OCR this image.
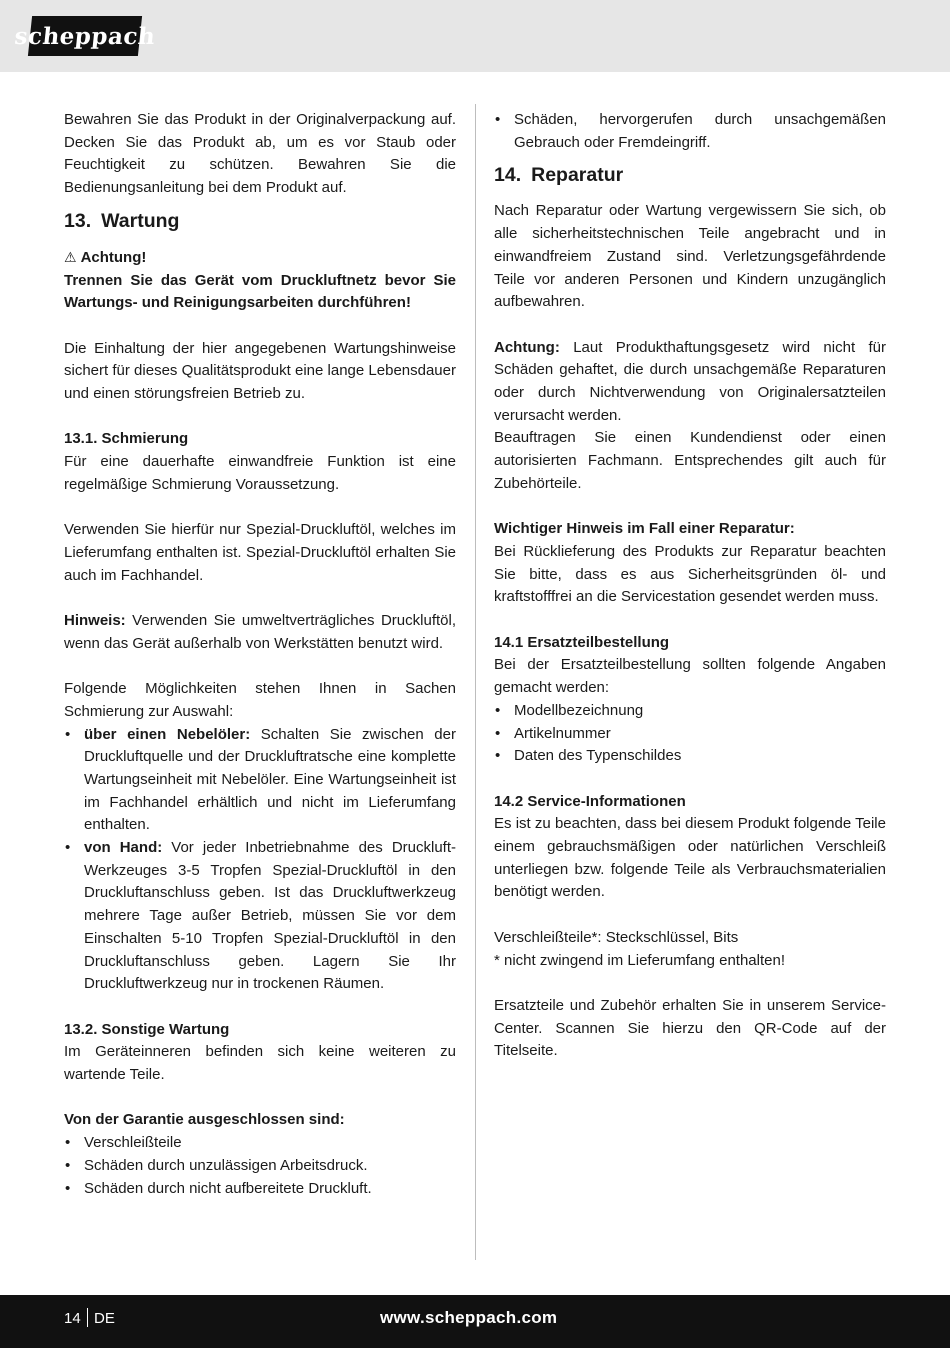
scheppach

Bewahren Sie das Produkt in der Originalverpackung auf. Decken Sie das Produkt ab, um es vor Staub oder Feuchtigkeit zu schützen. Bewahren Sie die Bedienungsanleitung bei dem Produkt auf.

13. Wartung

⚠ Achtung!

Trennen Sie das Gerät vom Druckluftnetz bevor Sie Wartungs- und Reinigungsarbeiten durchführen!

Die Einhaltung der hier angegebenen Wartungshinweise sichert für dieses Qualitätsprodukt eine lange Lebensdauer und einen störungsfreien Betrieb zu.

13.1. Schmierung

Für eine dauerhafte einwandfreie Funktion ist eine regelmäßige Schmierung Voraussetzung.

Verwenden Sie hierfür nur Spezial-Druckluftöl, welches im Lieferumfang enthalten ist. Spezial-Druckluftöl erhalten Sie auch im Fachhandel.

Hinweis: Verwenden Sie umweltverträgliches Druckluftöl, wenn das Gerät außerhalb von Werkstätten benutzt wird.

Folgende Möglichkeiten stehen Ihnen in Sachen Schmierung zur Auswahl:

• über einen Nebelöler: Schalten Sie zwischen der Druckluftquelle und der Druckluftratsche eine komplette Wartungseinheit mit Nebelöler. Eine Wartungseinheit ist im Fachhandel erhältlich und nicht im Lieferumfang enthalten.
• von Hand: Vor jeder Inbetriebnahme des Druckluft-Werkzeuges 3-5 Tropfen Spezial-Druckluftöl in den Druckluftanschluss geben. Ist das Druckluftwerkzeug mehrere Tage außer Betrieb, müssen Sie vor dem Einschalten 5-10 Tropfen Spezial-Druckluftöl in den Druckluftanschluss geben. Lagern Sie Ihr Druckluftwerkzeug nur in trockenen Räumen.

13.2. Sonstige Wartung

Im Geräteinneren befinden sich keine weiteren zu wartende Teile.

Von der Garantie ausgeschlossen sind:

• Verschleißteile
• Schäden durch unzulässigen Arbeitsdruck.
• Schäden durch nicht aufbereitete Druckluft.
• Schäden, hervorgerufen durch unsachgemäßen Gebrauch oder Fremdeingriff.
14. Reparatur

Nach Reparatur oder Wartung vergewissern Sie sich, ob alle sicherheitstechnischen Teile angebracht und in einwandfreiem Zustand sind. Verletzungsgefährdende Teile vor anderen Personen und Kindern unzugänglich aufbewahren.

Achtung: Laut Produkthaftungsgesetz wird nicht für Schäden gehaftet, die durch unsachgemäße Reparaturen oder durch Nichtverwendung von Originalersatzteilen verursacht werden.

Beauftragen Sie einen Kundendienst oder einen autorisierten Fachmann. Entsprechendes gilt auch für Zubehörteile.

Wichtiger Hinweis im Fall einer Reparatur:

Bei Rücklieferung des Produkts zur Reparatur beachten Sie bitte, dass es aus Sicherheitsgründen öl- und kraftstofffrei an die Servicestation gesendet werden muss.

14.1 Ersatzteilbestellung

Bei der Ersatzteilbestellung sollten folgende Angaben gemacht werden:

• Modellbezeichnung
• Artikelnummer
• Daten des Typenschildes

14.2 Service-Informationen

Es ist zu beachten, dass bei diesem Produkt folgende Teile einem gebrauchsmäßigen oder natürlichen Verschleiß unterliegen bzw. folgende Teile als Verbrauchsmaterialien benötigt werden.

Verschleißteile*: Steckschlüssel, Bits

* nicht zwingend im Lieferumfang enthalten!

Ersatzteile und Zubehör erhalten Sie in unserem Service-Center. Scannen Sie hierzu den QR-Code auf der Titelseite.

14 DE	www.scheppach.com
